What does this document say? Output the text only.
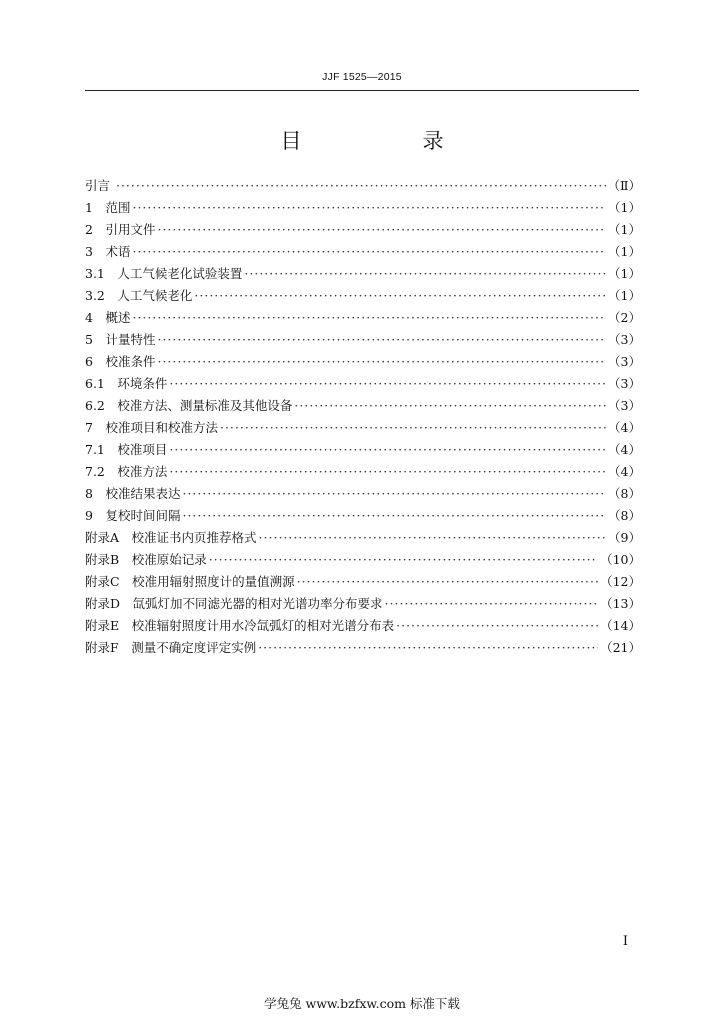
JJF 1525—2015
目　录
引言 ·····	（Ⅱ）
1　 范围 ·····	（1）
2　 引用文件 ·····	（1）
3　 术语 ·····	（1）
3.1　 人工气候老化试验装置 ·····	（1）
3.2　 人工气候老化 ·····	（1）
4　 概述 ·····	（2）
5　 计量特性 ·····	（3）
6　 校准条件 ·····	（3）
6.1　 环境条件 ·····	（3）
6.2　 校准方法、测量标准及其他设备 ·····	（3）
7　 校准项目和校准方法 ·····	（4）
7.1　 校准项目 ·····	（4）
7.2　 校准方法 ·····	（4）
8　 校准结果表达 ·····	（8）
9　 复校时间间隔 ·····	（8）
附录A　 校准证书内页推荐格式 ·····	（9）
附录B　 校准原始记录 ·····	（10）
附录C　 校准用辐射照度计的量值溯源 ·····	（12）
附录D　 氙弧灯加不同滤光器的相对光谱功率分布要求 ·····	（13）
附录E　 校准辐射照度计用水冷氙弧灯的相对光谱分布表 ·····	（14）
附录F　 测量不确定度评定实例 ·····	（21）
I
学兔兔 www.bzfxw.com 标准下载
